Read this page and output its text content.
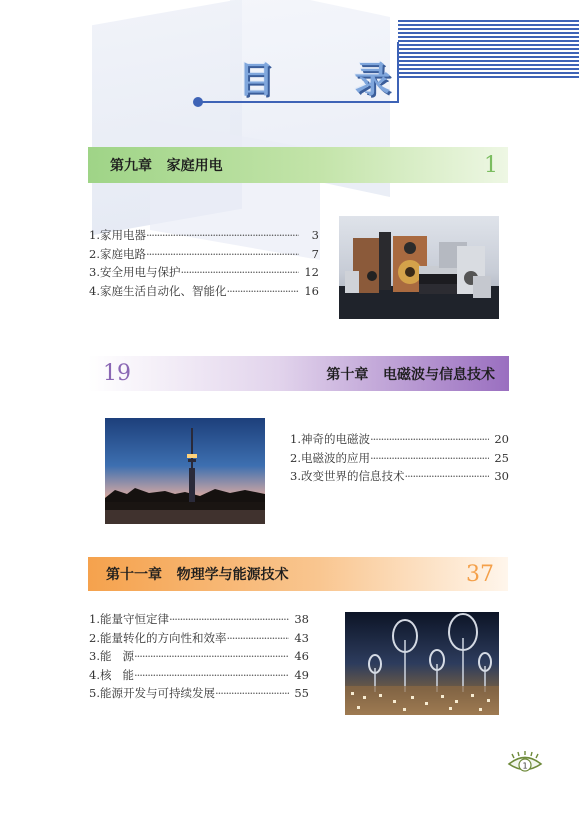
目 录
第九章   家庭用电	1
1.家用电器 ·····	3
2.家庭电路 ·····	7
3.安全用电与保护 ·····	12
4.家庭生活自动化、智能化 ·····	16
19	第十章   电磁波与信息技术
1.神奇的电磁波 ·····	20
2.电磁波的应用 ·····	25
3.改变世界的信息技术 ·····	30
第十一章   物理学与能源技术	37
1.能量守恒定律 ·····	38
2.能量转化的方向性和效率 ·····	43
3.能   源 ·····	46
4.核   能 ·····	49
5.能源开发与可持续发展 ·····	55
1
